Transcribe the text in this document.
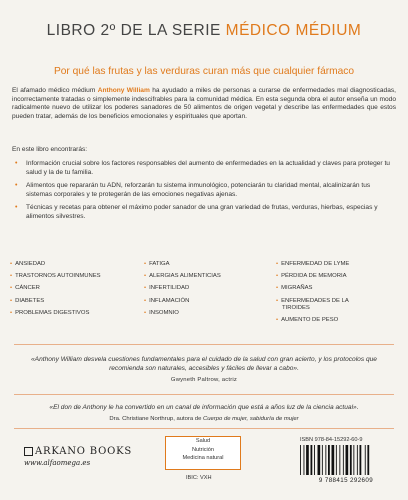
LIBRO 2º DE LA SERIE MÉDICO MÉDIUM
Por qué las frutas y las verduras curan más que cualquier fármaco
El afamado médico médium Anthony William ha ayudado a miles de personas a curarse de enfermedades mal diagnosticadas, incorrectamente tratadas o simplemente indescifrables para la comunidad médica. En esta segunda obra el autor enseña un modo radicalmente nuevo de utilizar los poderes sanadores de 50 alimentos de origen vegetal y describe las enfermedades que estos pueden tratar, además de los beneficios emocionales y espirituales que aportan.
En este libro encontrarás:
• Información crucial sobre los factores responsables del aumento de enfermedades en la actualidad y claves para proteger tu salud y la de tu familia.
• Alimentos que repararán tu ADN, reforzarán tu sistema inmunológico, potenciarán tu claridad mental, alcalinizarán tus sistemas corporales y te protegerán de las emociones negativas ajenas.
• Técnicas y recetas para obtener el máximo poder sanador de una gran variedad de frutas, verduras, hierbas, especias y alimentos silvestres.
• ANSIEDAD
• TRASTORNOS AUTOINMUNES
• CÁNCER
• DIABETES
• PROBLEMAS DIGESTIVOS
• FATIGA
• ALERGIAS ALIMENTICIAS
• INFERTILIDAD
• INFLAMACIÓN
• INSOMNIO
• ENFERMEDAD DE LYME
• PÉRDIDA DE MEMORIA
• MIGRAÑAS
• ENFERMEDADES DE LA
TIROIDES
• AUMENTO DE PESO
«Anthony William desvela cuestiones fundamentales para el cuidado de la salud con gran acierto, y los protocolos que recomienda son naturales, accesibles y fáciles de llevar a cabo».
Gwyneth Paltrow, actriz
«El don de Anthony le ha convertido en un canal de información que está a años luz de la ciencia actual».
Dra. Christiane Northrup, autora de Cuerpo de mujer, sabiduría de mujer
ARKANO BOOKS
www.alfaomega.es
Salud
Nutrición
Medicina natural
IBIC: VXH
ISBN 978-84-15292-60-9
9 788415 292609
